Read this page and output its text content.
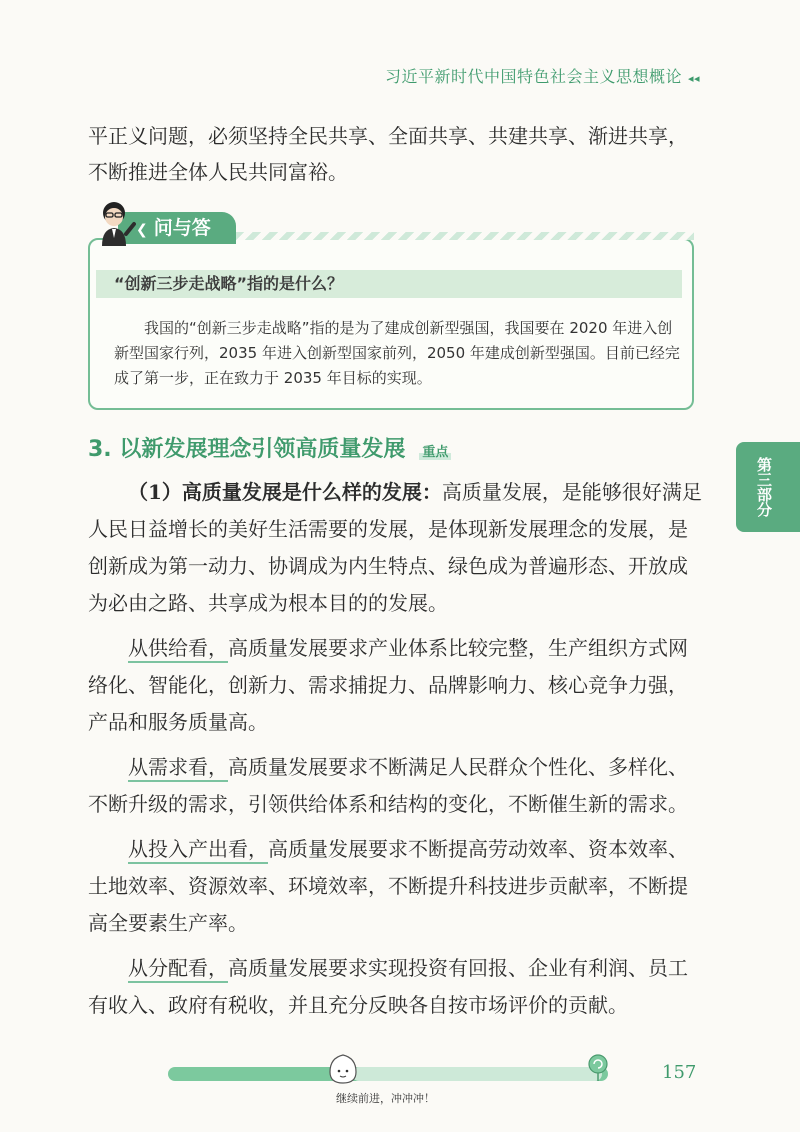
习近平新时代中国特色社会主义思想概论 ◂◂

平正义问题，必须坚持全民共享、全面共享、共建共享、渐进共享，

不断推进全体人民共同富裕。

❮ 问与答
“创新三步走战略”指的是什么？
我国的“创新三步走战略”指的是为了建成创新型强国，我国要在 2020 年进入创新型国家行列，2035 年进入创新型国家前列，2050 年建成创新型强国。目前已经完成了第一步，正在致力于 2035 年目标的实现。
3. 以新发展理念引领高质量发展 重点
第三部分

（1）高质量发展是什么样的发展：高质量发展，是能够很好满足人民日益增长的美好生活需要的发展，是体现新发展理念的发展，是创新成为第一动力、协调成为内生特点、绿色成为普遍形态、开放成为必由之路、共享成为根本目的的发展。

从供给看，高质量发展要求产业体系比较完整，生产组织方式网络化、智能化，创新力、需求捕捉力、品牌影响力、核心竞争力强，产品和服务质量高。

从需求看，高质量发展要求不断满足人民群众个性化、多样化、不断升级的需求，引领供给体系和结构的变化，不断催生新的需求。

从投入产出看，高质量发展要求不断提高劳动效率、资本效率、土地效率、资源效率、环境效率，不断提升科技进步贡献率，不断提高全要素生产率。

从分配看，高质量发展要求实现投资有回报、企业有利润、员工有收入、政府有税收，并且充分反映各自按市场评价的贡献。

继续前进，冲冲冲！
157
